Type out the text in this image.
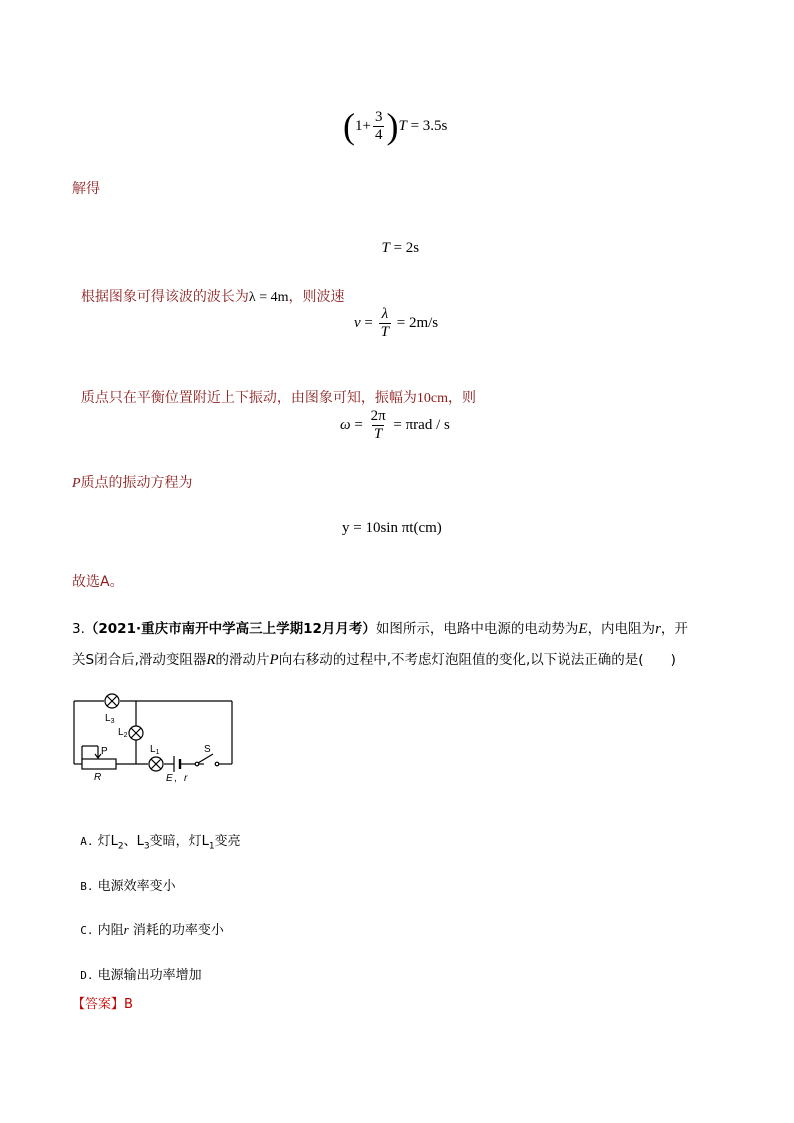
( $1 + \frac{3}{4}$ ) T = 3.5s
解得

T = 2s

根据图象可得该波的波长为λ = 4m，则波速

$v = \frac{\lambda}{T} = 2m/s$

质点只在平衡位置附近上下振动，由图象可知，振幅为10cm，则

$\omega = \frac{2\pi}{T} = \pi rad / s$
P质点的振动方程为
y = 10sin πt(cm)
故选A。
3.（2021·重庆市南开中学高三上学期12月月考）如图所示，电路中电源的电动势为E，内电阻为r，开
关S闭合后,滑动变阻器R的滑动片P向右移动的过程中,不考虑灯泡阻值的变化,以下说法正确的是(　　)
$L_3$
$L_2$
$L_1$
P
R	E , r
S

A. 灯$L_2$、$L_3$变暗，灯$L_1$变亮

B. 电源效率变小

C. 内阻r 消耗的功率变小

D. 电源输出功率增加

【答案】B
